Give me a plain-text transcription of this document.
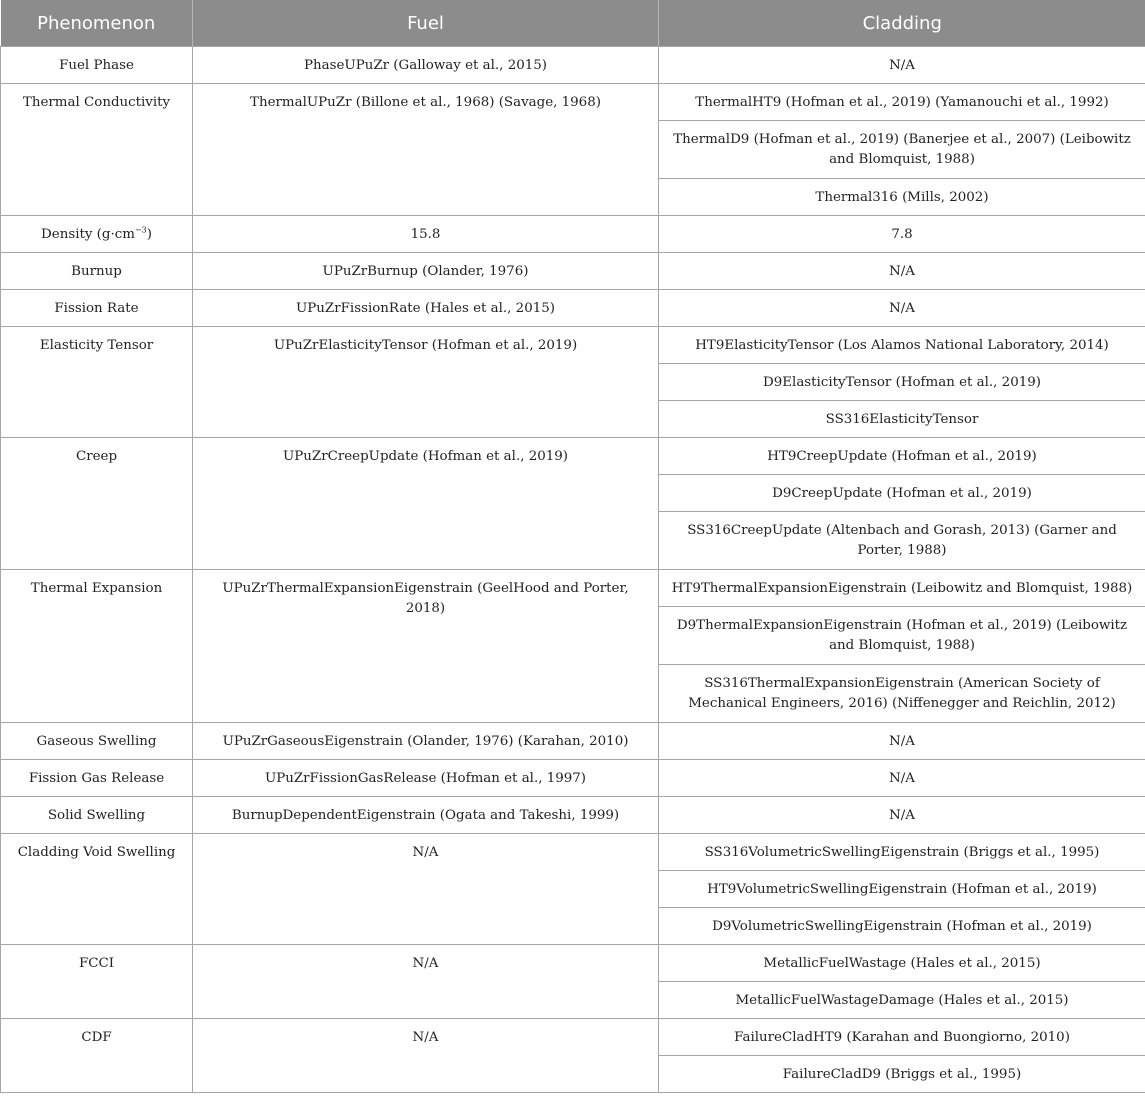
Phenomenon	Fuel	Cladding
Fuel Phase	PhaseUPuZr (Galloway et al., 2015)	N/A
Thermal Conductivity	ThermalUPuZr (Billone et al., 1968) (Savage, 1968)	ThermalHT9 (Hofman et al., 2019) (Yamanouchi et al., 1992)
		ThermalD9 (Hofman et al., 2019) (Banerjee et al., 2007) (Leibowitz and Blomquist, 1988)
		Thermal316 (Mills, 2002)
Density $(g\cdot cm^{-3})$	15.8	7.8
Burnup	UPuZrBurnup (Olander, 1976)	N/A
Fission Rate	UPuZrFissionRate (Hales et al., 2015)	N/A
Elasticity Tensor	UPuZrElasticityTensor (Hofman et al., 2019)	HT9ElasticityTensor (Los Alamos National Laboratory, 2014)
		D9ElasticityTensor (Hofman et al., 2019)
		SS316ElasticityTensor
Creep	UPuZrCreepUpdate (Hofman et al., 2019)	HT9CreepUpdate (Hofman et al., 2019)
		D9CreepUpdate (Hofman et al., 2019)
		SS316CreepUpdate (Altenbach and Gorash, 2013) (Garner and Porter, 1988)
Thermal Expansion	UPuZrThermalExpansionEigenstrain (GeelHood and Porter, 2018)	HT9ThermalExpansionEigenstrain (Leibowitz and Blomquist, 1988)
		D9ThermalExpansionEigenstrain (Hofman et al., 2019) (Leibowitz and Blomquist, 1988)
		SS316ThermalExpansionEigenstrain (American Society of Mechanical Engineers, 2016) (Niffenegger and Reichlin, 2012)
Gaseous Swelling	UPuZrGaseousEigenstrain (Olander, 1976) (Karahan, 2010)	N/A
Fission Gas Release	UPuZrFissionGasRelease (Hofman et al., 1997)	N/A
Solid Swelling	BurnupDependentEigenstrain (Ogata and Takeshi, 1999)	N/A
Cladding Void Swelling	N/A	SS316VolumetricSwellingEigenstrain (Briggs et al., 1995)
		HT9VolumetricSwellingEigenstrain (Hofman et al., 2019)
		D9VolumetricSwellingEigenstrain (Hofman et al., 2019)
FCCI	N/A	MetallicFuelWastage (Hales et al., 2015)
		MetallicFuelWastageDamage (Hales et al., 2015)
CDF	N/A	FailureCladHT9 (Karahan and Buongiorno, 2010)
		FailureCladD9 (Briggs et al., 1995)
